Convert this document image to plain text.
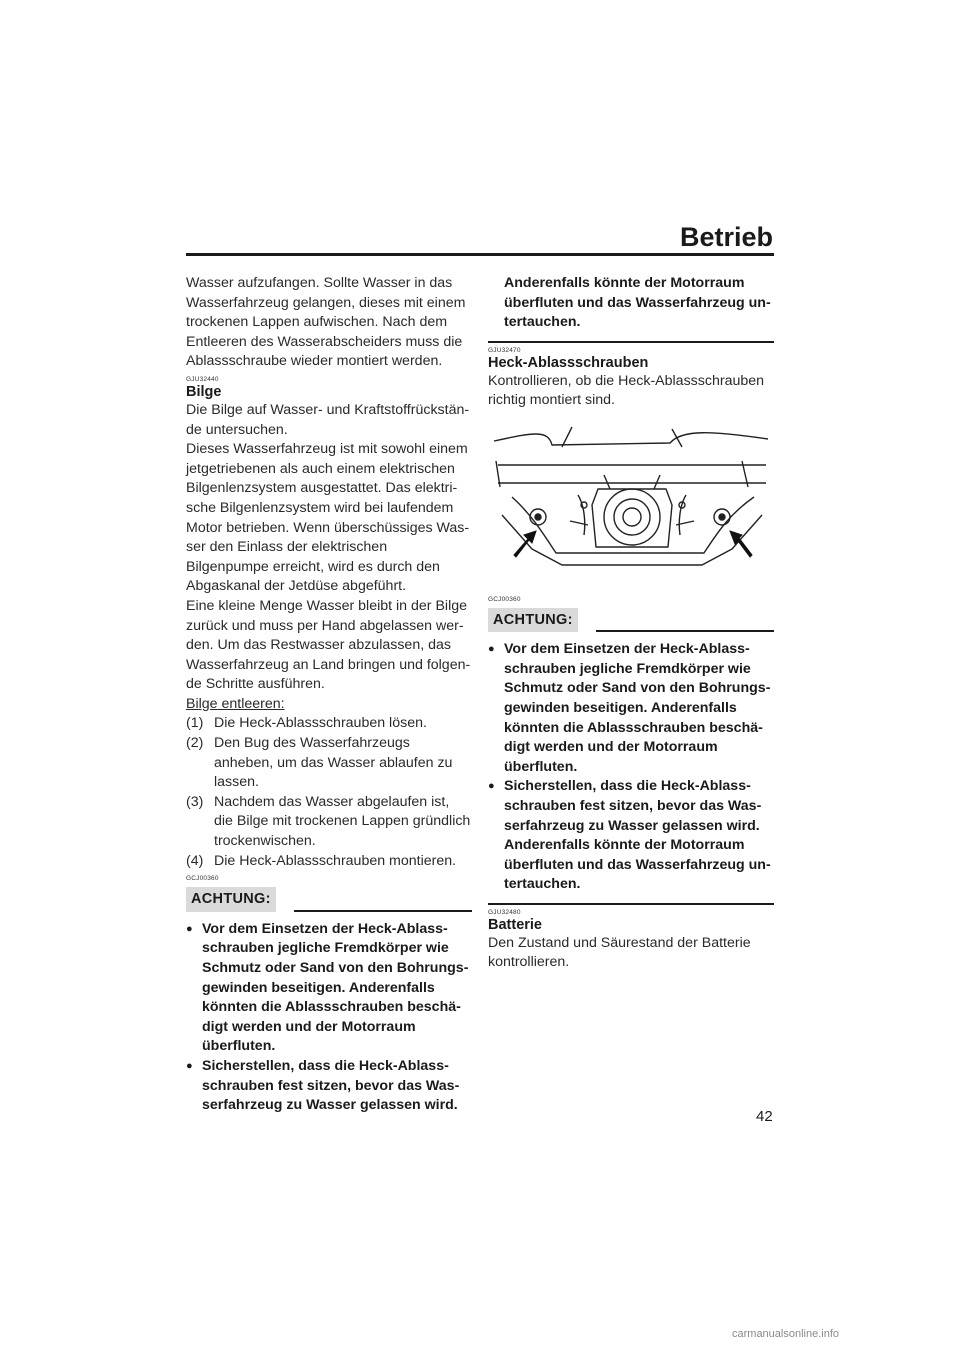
Betrieb

Wasser aufzufangen. Sollte Wasser in das Wasserfahrzeug gelangen, dieses mit einem trockenen Lappen aufwischen. Nach dem Entleeren des Wasserabscheiders muss die Ablassschraube wieder montiert werden.

GJU32440
Bilge

Die Bilge auf Wasser- und Kraftstoffrückstände untersuchen.

Dieses Wasserfahrzeug ist mit sowohl einem jetgetriebenen als auch einem elektrischen Bilgenlenzsystem ausgestattet. Das elektrische Bilgenlenzsystem wird bei laufendem Motor betrieben. Wenn überschüssiges Wasser den Einlass der elektrischen Bilgenpumpe erreicht, wird es durch den Abgaskanal der Jetdüse abgeführt.

Eine kleine Menge Wasser bleibt in der Bilge zurück und muss per Hand abgelassen werden. Um das Restwasser abzulassen, das Wasserfahrzeug an Land bringen und folgende Schritte ausführen.

Bilge entleeren:

(1) Die Heck-Ablassschrauben lösen.
(2) Den Bug des Wasserfahrzeugs anheben, um das Wasser ablaufen zu lassen.
(3) Nachdem das Wasser abgelaufen ist, die Bilge mit trockenen Lappen gründlich trockenwischen.
(4) Die Heck-Ablassschrauben montieren.
GCJ00360
ACHTUNG:
● Vor dem Einsetzen der Heck-Ablassschrauben jegliche Fremdkörper wie Schmutz oder Sand von den Bohrungsgewinden beseitigen. Anderenfalls könnten die Ablassschrauben beschädigt werden und der Motorraum überfluten.
● Sicherstellen, dass die Heck-Ablassschrauben fest sitzen, bevor das Wasserfahrzeug zu Wasser gelassen wird.

Anderenfalls könnte der Motorraum überfluten und das Wasserfahrzeug untertauchen.

GJU32470
Heck-Ablassschrauben

Kontrollieren, ob die Heck-Ablassschrauben richtig montiert sind.

GCJ00360
ACHTUNG:
● Vor dem Einsetzen der Heck-Ablassschrauben jegliche Fremdkörper wie Schmutz oder Sand von den Bohrungsgewinden beseitigen. Anderenfalls könnten die Ablassschrauben beschädigt werden und der Motorraum überfluten.
● Sicherstellen, dass die Heck-Ablassschrauben fest sitzen, bevor das Wasserfahrzeug zu Wasser gelassen wird. Anderenfalls könnte der Motorraum überfluten und das Wasserfahrzeug untertauchen.
GJU32480
Batterie

Den Zustand und Säurestand der Batterie kontrollieren.

42
carmanualsonline.info
